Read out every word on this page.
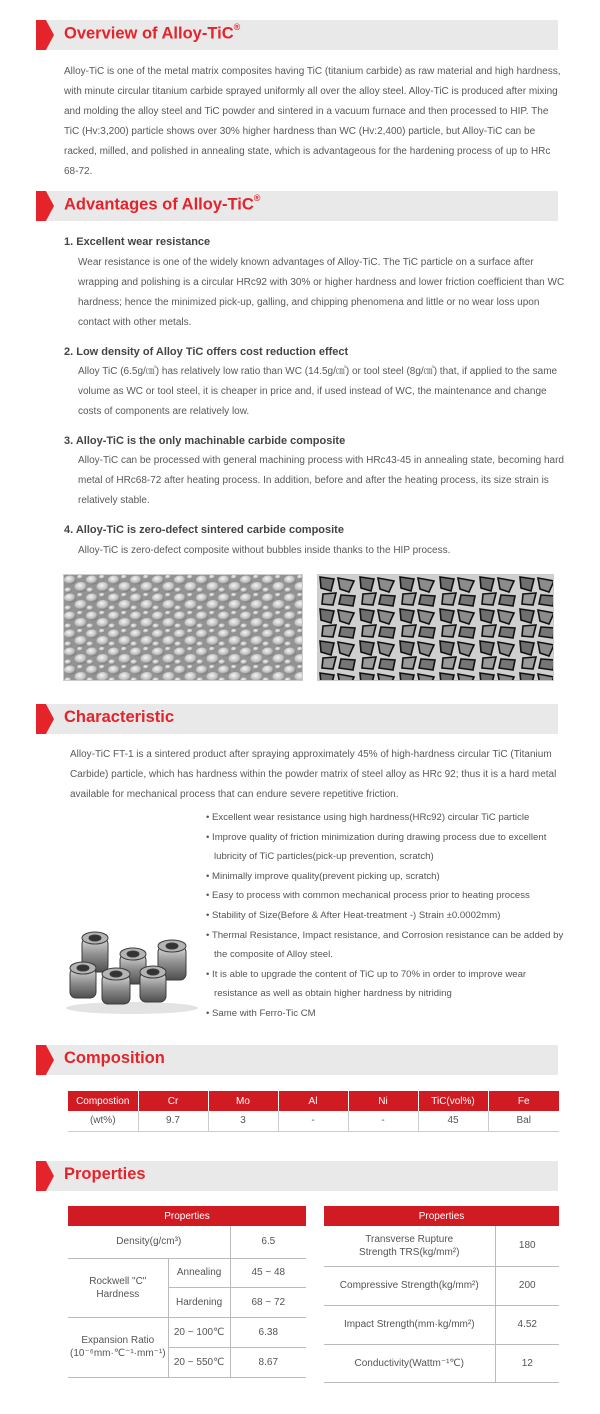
Overview of Alloy-TiC®

Alloy-TiC is one of the metal matrix composites having TiC (titanium carbide) as raw material and high hardness, with minute circular titanium carbide sprayed uniformly all over the alloy steel. Alloy-TiC is produced after mixing and molding the alloy steel and TiC powder and sintered in a vacuum furnace and then processed to HIP. The TiC (Hv:3,200) particle shows over 30% higher hardness than WC (Hv:2,400) particle, but Alloy-TiC can be racked, milled, and polished in annealing state, which is advantageous for the hardening process of up to HRc 68-72.

Advantages of Alloy-TiC®
1. Excellent wear resistance

Wear resistance is one of the widely known advantages of Alloy-TiC. The TiC particle on a surface after wrapping and polishing is a circular HRc92 with 30% or higher hardness and lower friction coefficient than WC hardness; hence the minimized pick-up, galling, and chipping phenomena and little or no wear loss upon contact with other metals.

2. Low density of Alloy TiC offers cost reduction effect

Alloy TiC (6.5g/㎤) has relatively low ratio than WC (14.5g/㎤) or tool steel (8g/㎤) that, if applied to the same volume as WC or tool steel, it is cheaper in price and, if used instead of WC, the maintenance and change costs of components are relatively low.

3. Alloy-TiC is the only machinable carbide composite

Alloy-TiC can be processed with general machining process with HRc43-45 in annealing state, becoming hard metal of HRc68-72 after heating process. In addition, before and after the heating process, its size strain is relatively stable.

4. Alloy-TiC is zero-defect sintered carbide composite

Alloy-TiC is zero-defect composite without bubbles inside thanks to the HIP process.

Characteristic

Alloy-TiC FT-1 is a sintered product after spraying approximately 45% of high-hardness circular TiC (Titanium Carbide) particle, which has hardness within the powder matrix of steel alloy as HRc 92; thus it is a hard metal available for mechanical process that can endure severe repetitive friction.

• Excellent wear resistance using high hardness(HRc92) circular TiC particle
• Improve quality of friction minimization during drawing process due to excellent lubricity of TiC particles(pick-up prevention, scratch)
• Minimally improve quality(prevent picking up, scratch)
• Easy to process with common mechanical process prior to heating process
• Stability of Size(Before & After Heat-treatment -) Strain ±0.0002mm)
• Thermal Resistance, Impact resistance, and Corrosion resistance can be added by the composite of Alloy steel.
• It is able to upgrade the content of TiC up to 70% in order to improve wear resistance as well as obtain higher hardness by nitriding
• Same with Ferro-Tic CM
Composition
Compostion	Cr	Mo	Al	Ni	TiC(vol%)	Fe
(wt%)	9.7	3	-	-	45	Bal
Properties
Properties		
Density(g/cm³)		6.5
Rockwell "C" Hardness	Annealing	45 ~ 48
	Hardening	68 ~ 72
Expansion Ratio (10⁻⁶mm·℃⁻¹·mm⁻¹)	20 ~ 100℃	6.38
	20 ~ 550℃	8.67
Properties	
Transverse Rupture Strength TRS(kg/mm²)	180
Compressive Strength(kg/mm²)	200
Impact Strength(mm·kg/mm²)	4.52
Conductivity(Wattm⁻¹℃)	12
